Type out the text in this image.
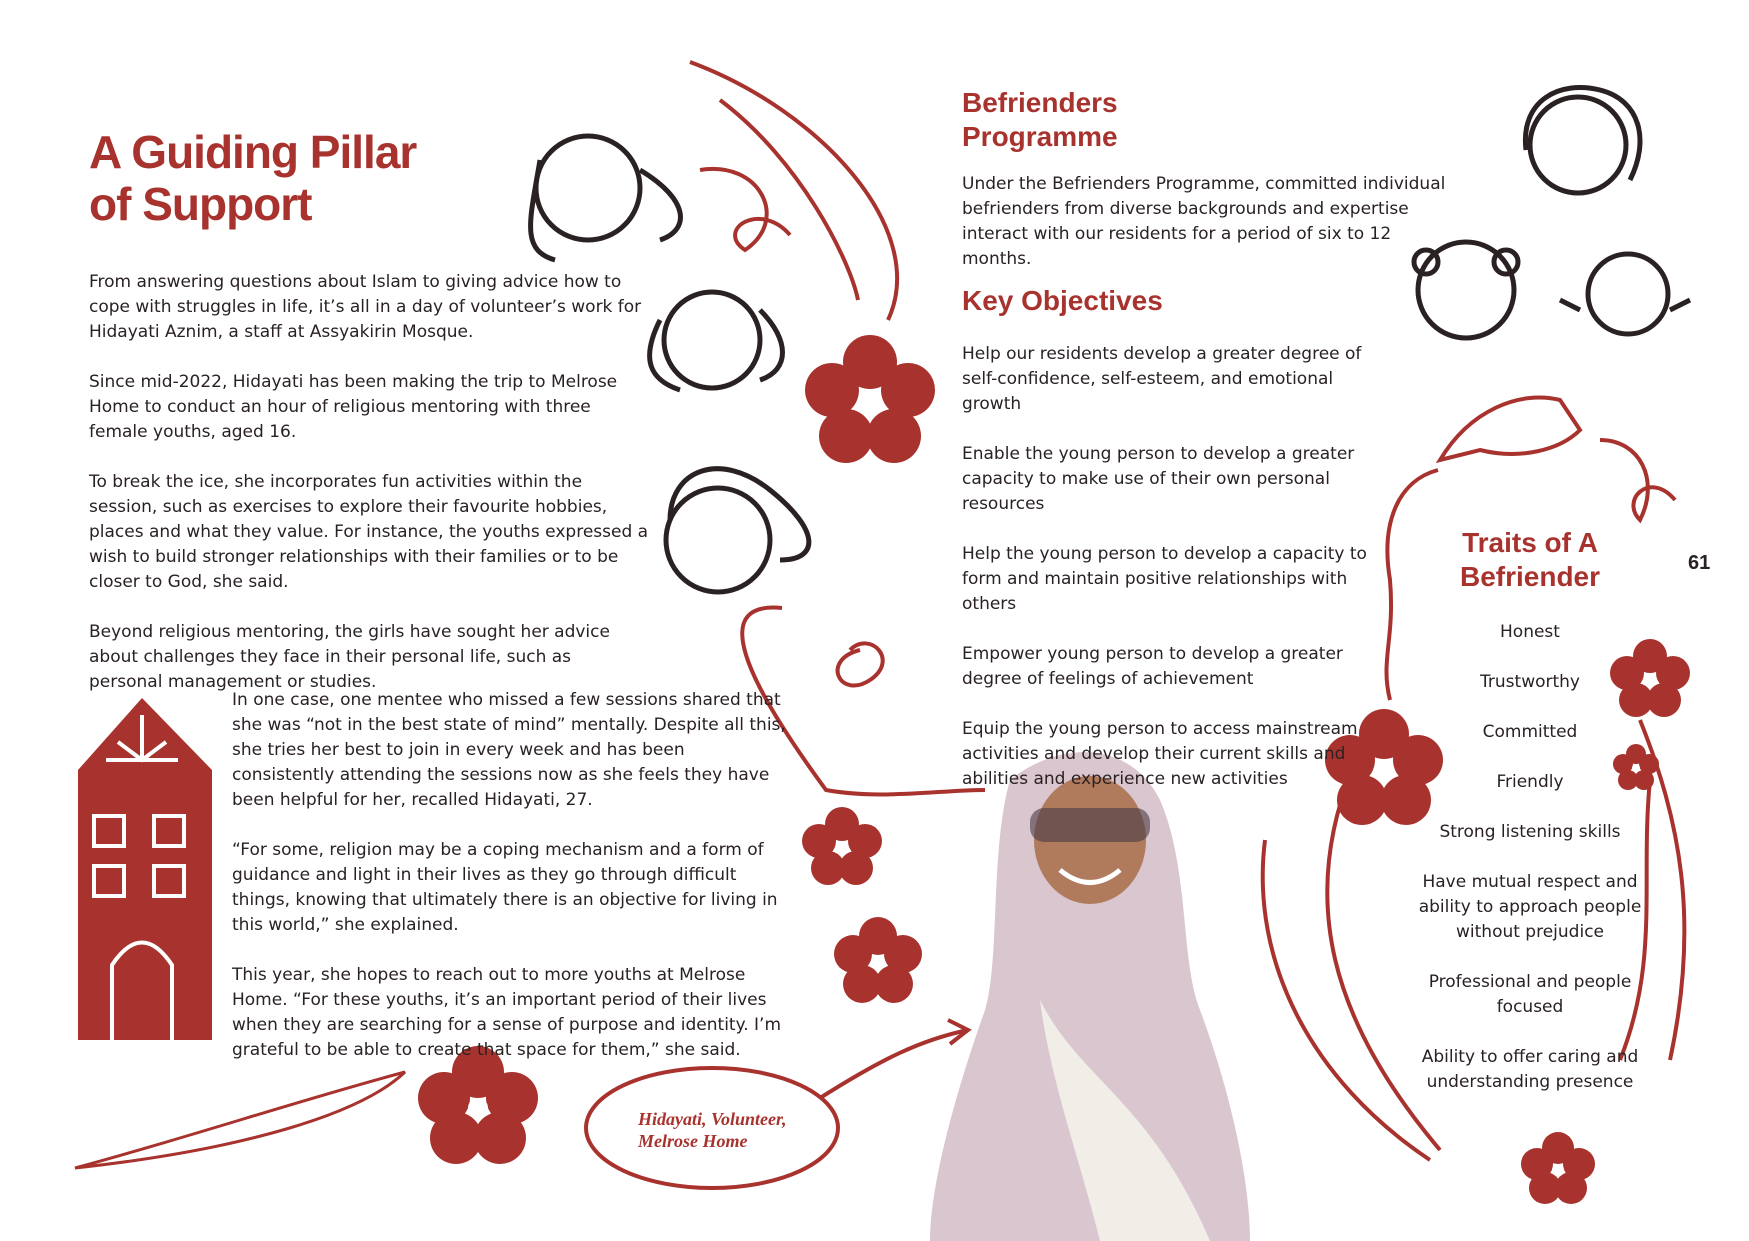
A Guiding Pillar
of Support

From answering questions about Islam to giving advice how to cope with struggles in life, it’s all in a day of volunteer’s work for Hidayati Aznim, a staff at Assyakirin Mosque.

Since mid-2022, Hidayati has been making the trip to Melrose Home to conduct an hour of religious mentoring with three female youths, aged 16.

To break the ice, she incorporates fun activities within the session, such as exercises to explore their favourite hobbies, places and what they value. For instance, the youths expressed a wish to build stronger relationships with their families or to be closer to God, she said.

Beyond religious mentoring, the girls have sought her advice about challenges they face in their personal life, such as personal management or studies.

In one case, one mentee who missed a few sessions shared that she was “not in the best state of mind” mentally. Despite all this, she tries her best to join in every week and has been consistently attending the sessions now as she feels they have been helpful for her, recalled Hidayati, 27.

“For some, religion may be a coping mechanism and a form of guidance and light in their lives as they go through difficult things, knowing that ultimately there is an objective for living in this world,” she explained.

This year, she hopes to reach out to more youths at Melrose Home. “For these youths, it’s an important period of their lives when they are searching for a sense of purpose and identity. I’m grateful to be able to create that space for them,” she said.

Befrienders
Programme

Under the Befrienders Programme, committed individual befrienders from diverse backgrounds and expertise interact with our residents for a period of six to 12 months.

Key Objectives

Help our residents develop a greater degree of self-confidence, self-esteem, and emotional growth

Enable the young person to develop a greater capacity to make use of their own personal resources

Help the young person to develop a capacity to form and maintain positive relationships with others

Empower young person to develop a greater degree of feelings of achievement

Equip the young person to access mainstream activities and develop their current skills and abilities and experience new activities

Traits of A
Befriender
Honest
Trustworthy
Committed
Friendly
Strong listening skills
Have mutual respect and ability to approach people without prejudice
Professional and people focused
Ability to offer caring and understanding presence
61
Hidayati, Volunteer,
Melrose Home
